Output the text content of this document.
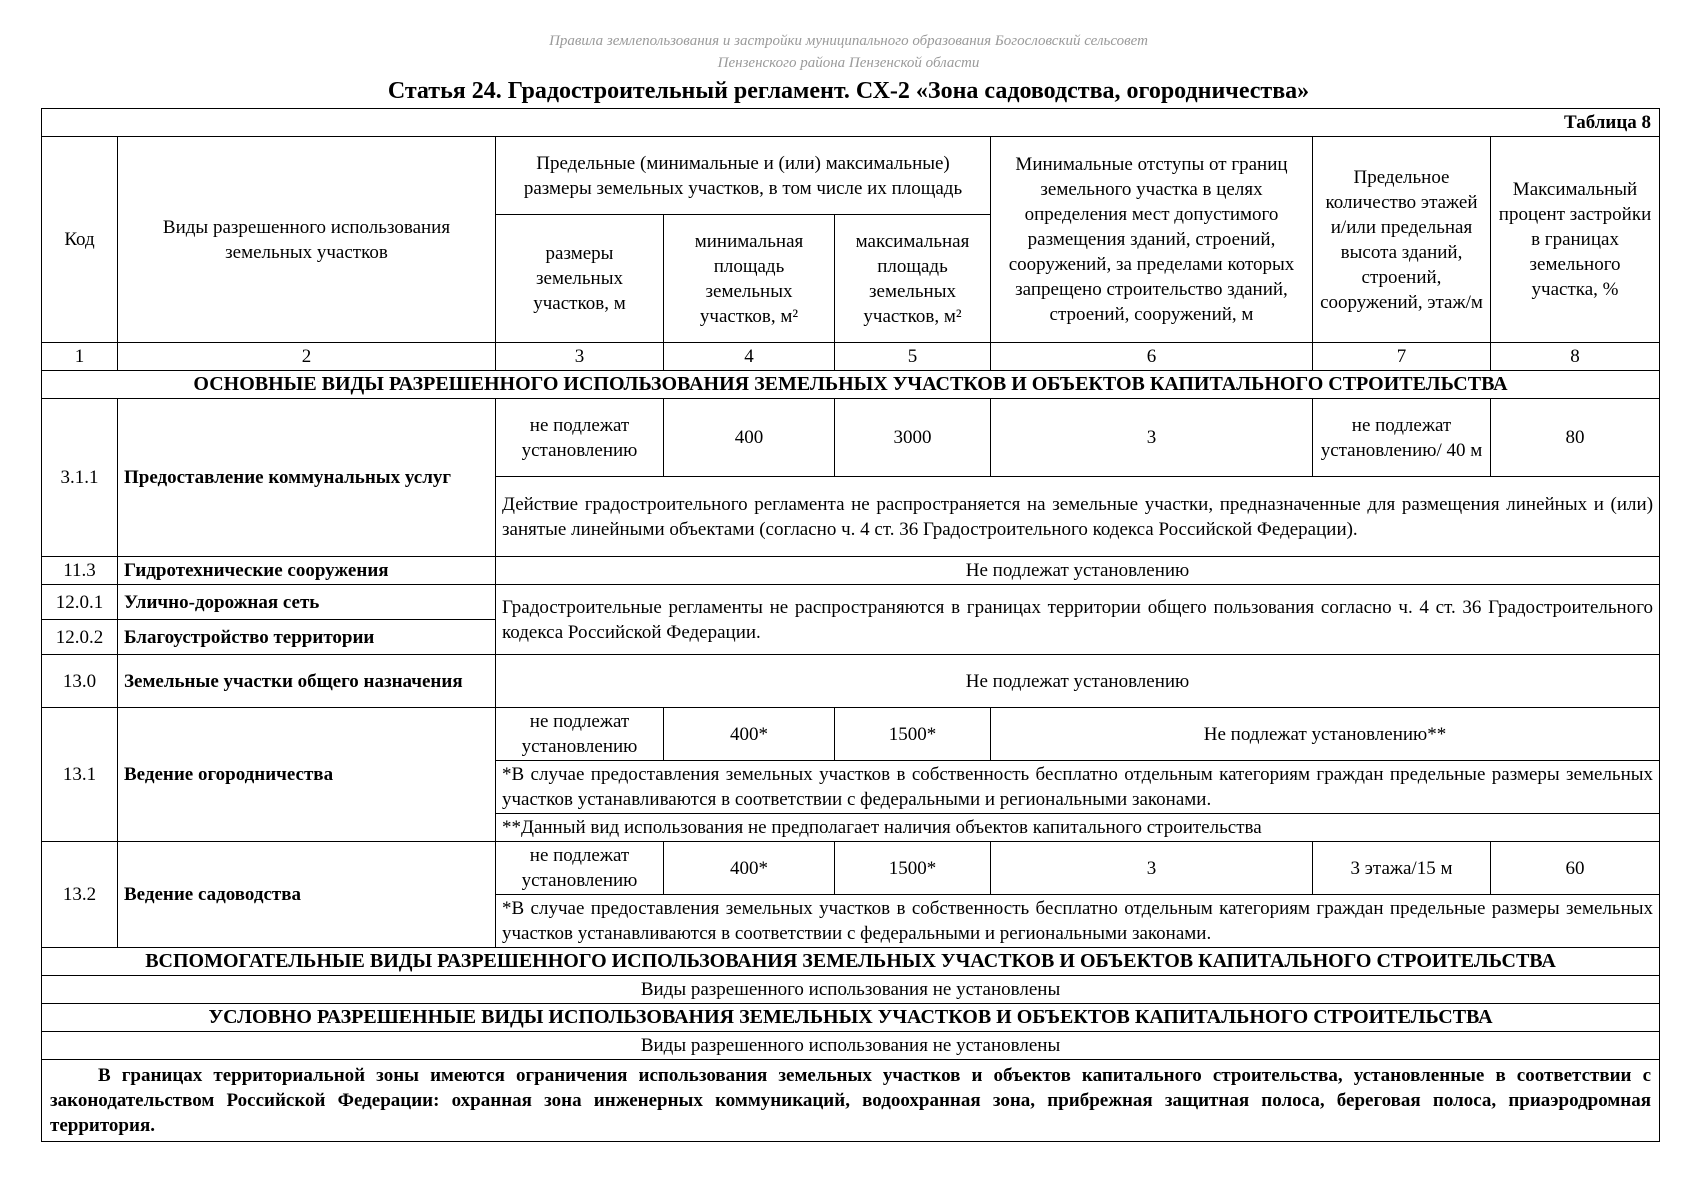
Правила землепользования и застройки муниципального образования Богословский сельсовет
Пензенского района Пензенской области
Статья 24. Градостроительный регламент. СХ-2 «Зона садоводства, огородничества»
Таблица 8							
Код	Виды разрешенного использования земельных участков	Предельные (минимальные и (или) максимальные) размеры земельных участков, в том числе их площадь			Минимальные отступы от границ земельного участка в целях определения мест допустимого размещения зданий, строений, сооружений, за пределами которых запрещено строительство зданий, строений, сооружений, м	Предельное количество этажей и/или предельная высота зданий, строений, сооружений, этаж/м	Максимальный процент застройки в границах земельного участка, %
		размеры земельных участков, м	минимальная площадь земельных участков, м²	максимальная площадь земельных участков, м²			
1	2	3	4	5	6	7	8
ОСНОВНЫЕ ВИДЫ РАЗРЕШЕННОГО ИСПОЛЬЗОВАНИЯ ЗЕМЕЛЬНЫХ УЧАСТКОВ И ОБЪЕКТОВ КАПИТАЛЬНОГО СТРОИТЕЛЬСТВА							
3.1.1	Предоставление коммунальных услуг	не подлежат установлению	400	3000	3	не подлежат установлению/ 40 м	80
		Действие градостроительного регламента не распространяется на земельные участки, предназначенные для размещения линейных и (или) занятые линейными объектами (согласно ч. 4 ст. 36 Градостроительного кодекса Российской Федерации).					
11.3	Гидротехнические сооружения	Не подлежат установлению					
12.0.1	Улично-дорожная сеть	Градостроительные регламенты не распространяются в границах территории общего пользования согласно ч. 4 ст. 36 Градостроительного кодекса Российской Федерации.					
12.0.2	Благоустройство территории						
13.0	Земельные участки общего назначения	Не подлежат установлению					
13.1	Ведение огородничества	не подлежат установлению	400*	1500*	Не подлежат установлению**		
		*В случае предоставления земельных участков в собственность бесплатно отдельным категориям граждан предельные размеры земельных участков устанавливаются в соответствии с федеральными и региональными законами.					
		**Данный вид использования не предполагает наличия объектов капитального строительства					
13.2	Ведение садоводства	не подлежат установлению	400*	1500*	3	3 этажа/15 м	60
		*В случае предоставления земельных участков в собственность бесплатно отдельным категориям граждан предельные размеры земельных участков устанавливаются в соответствии с федеральными и региональными законами.					
ВСПОМОГАТЕЛЬНЫЕ ВИДЫ РАЗРЕШЕННОГО ИСПОЛЬЗОВАНИЯ ЗЕМЕЛЬНЫХ УЧАСТКОВ И ОБЪЕКТОВ КАПИТАЛЬНОГО СТРОИТЕЛЬСТВА							
Виды разрешенного использования не установлены							
УСЛОВНО РАЗРЕШЕННЫЕ ВИДЫ ИСПОЛЬЗОВАНИЯ ЗЕМЕЛЬНЫХ УЧАСТКОВ И ОБЪЕКТОВ КАПИТАЛЬНОГО СТРОИТЕЛЬСТВА							
Виды разрешенного использования не установлены							
В границах территориальной зоны имеются ограничения использования земельных участков и объектов капитального строительства, установленные в соответствии с законодательством Российской Федерации: охранная зона инженерных коммуникаций, водоохранная зона, прибрежная защитная полоса, береговая полоса, приаэродромная территория.							
